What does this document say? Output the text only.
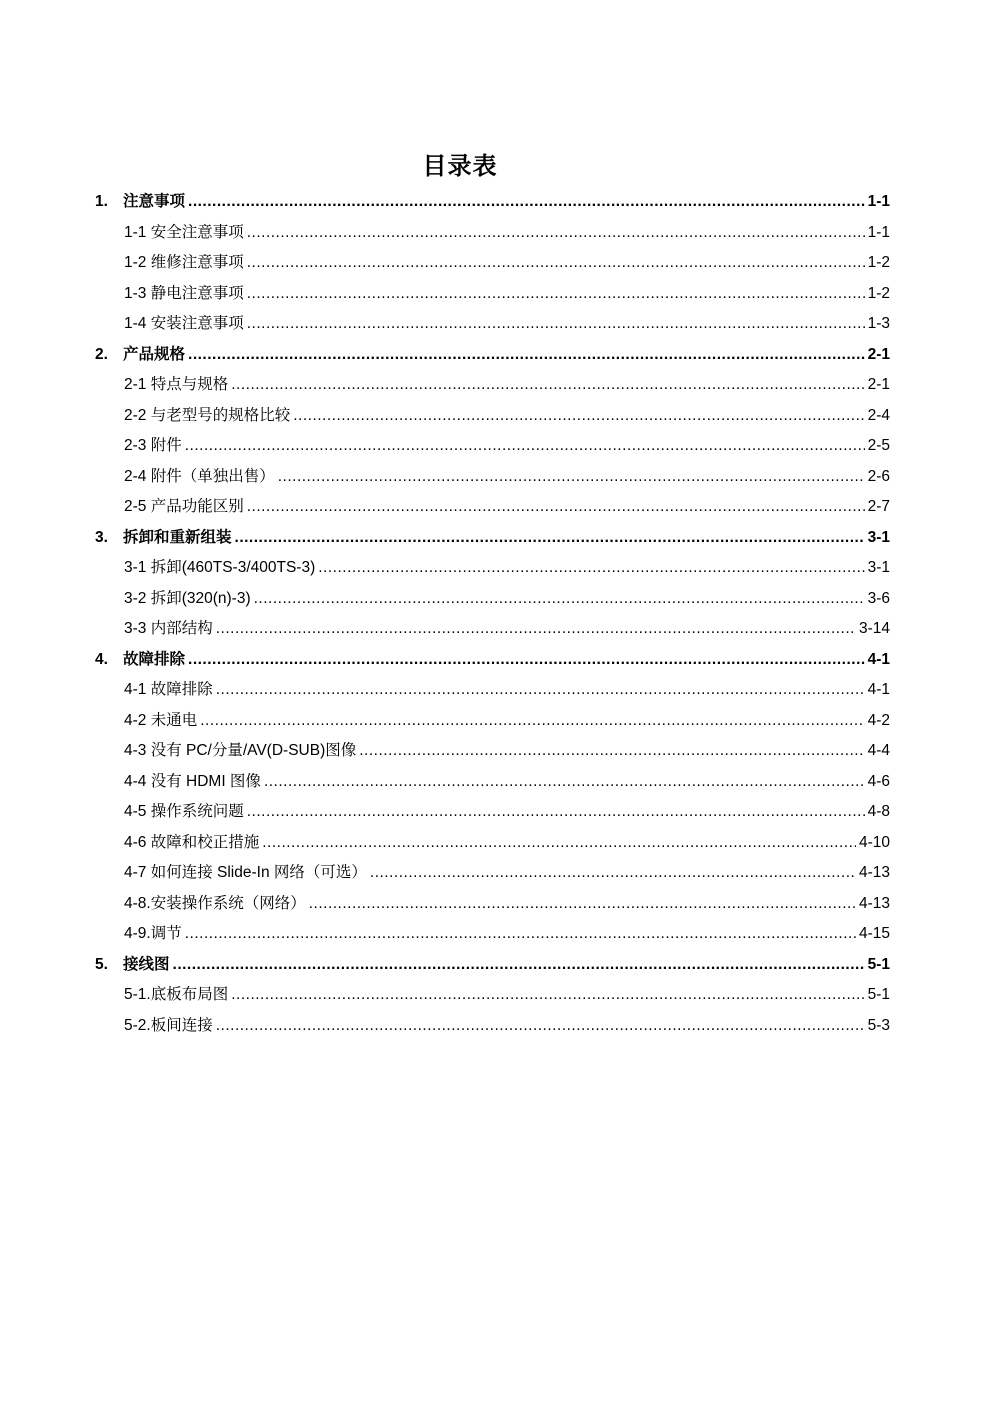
目录表
1. 注意事项 .....	1-1
1-1 安全注意事项 .....	1-1
1-2 维修注意事项 .....	1-2
1-3 静电注意事项 .....	1-2
1-4 安装注意事项 .....	1-3
2. 产品规格 .....	2-1
2-1 特点与规格 .....	2-1
2-2 与老型号的规格比较 .....	2-4
2-3 附件 .....	2-5
2-4 附件（单独出售） .....	2-6
2-5 产品功能区别 .....	2-7
3. 拆卸和重新组装 .....	3-1
3-1 拆卸(460TS-3/400TS-3) .....	3-1
3-2 拆卸(320(n)-3) .....	3-6
3-3 内部结构 .....	3-14
4. 故障排除 .....	4-1
4-1 故障排除 .....	4-1
4-2 未通电 .....	4-2
4-3 没有 PC/分量/AV(D-SUB)图像 .....	4-4
4-4 没有 HDMI 图像 .....	4-6
4-5 操作系统问题 .....	4-8
4-6 故障和校正措施 .....	4-10
4-7 如何连接 Slide-In 网络（可选） .....	4-13
4-8.安装操作系统（网络） .....	4-13
4-9.调节 .....	4-15
5. 接线图 .....	5-1
5-1.底板布局图 .....	5-1
5-2.板间连接 .....	5-3
